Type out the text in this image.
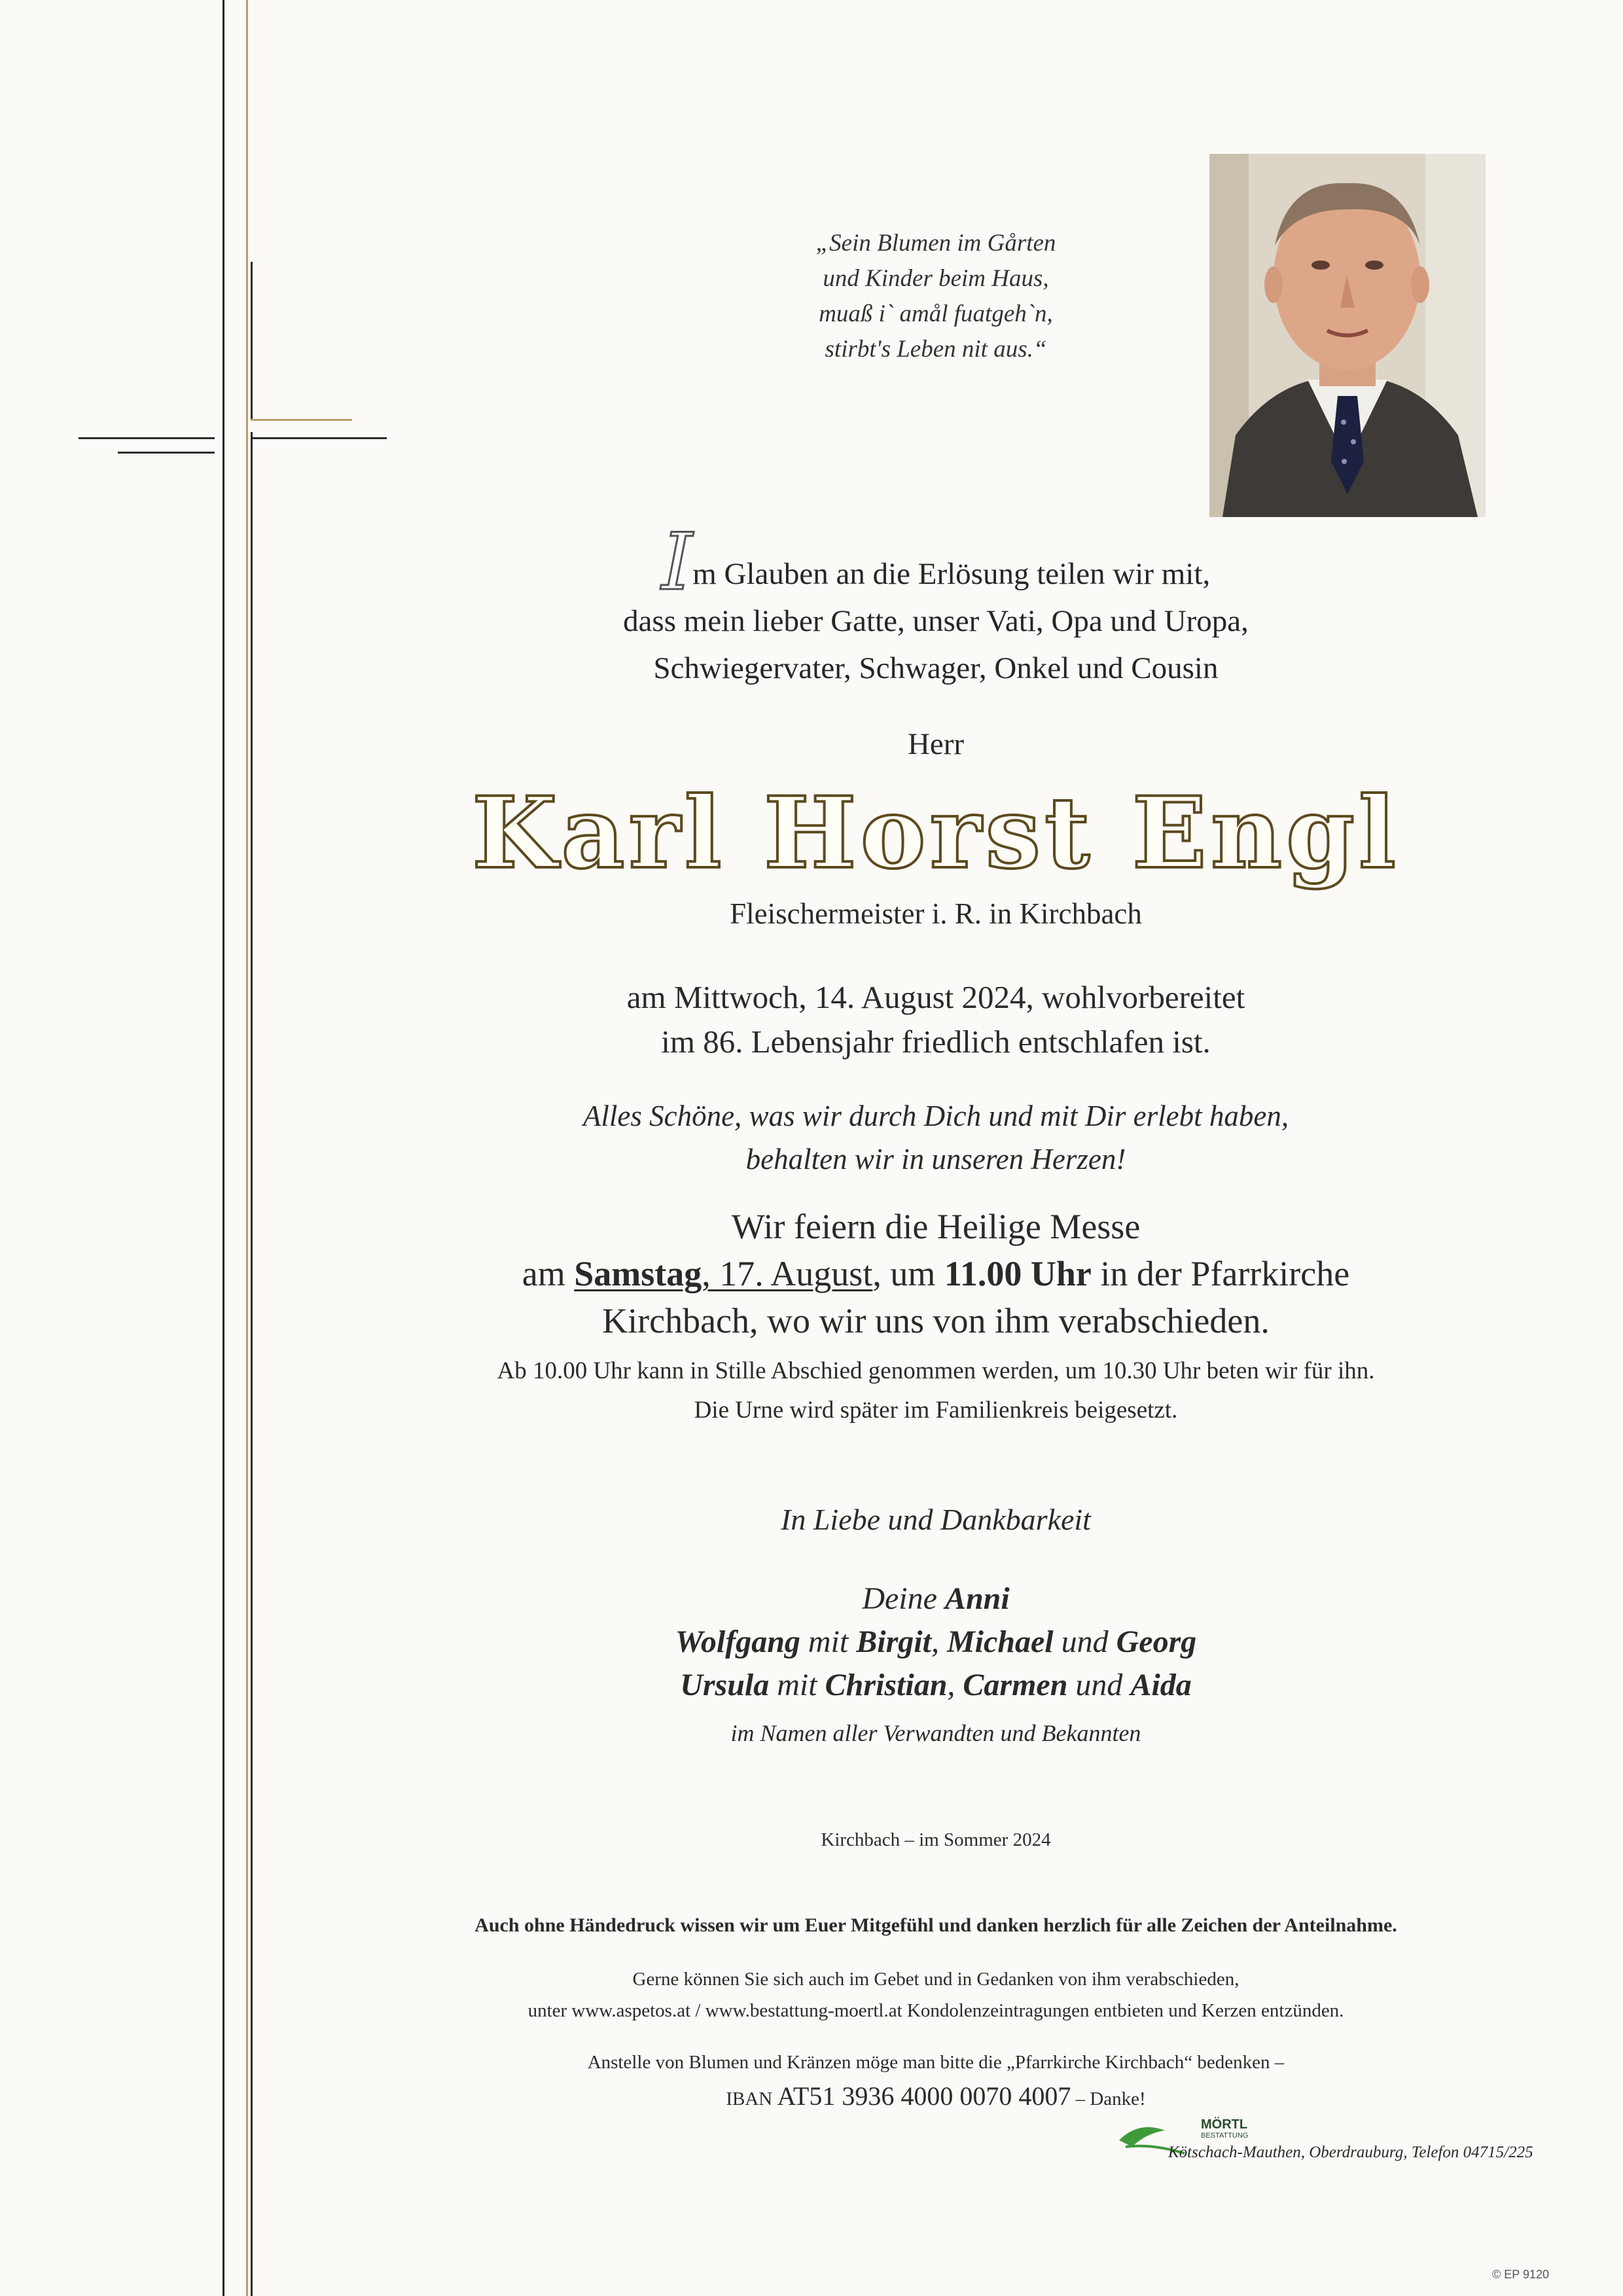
„Sein Blumen im Gårten
und Kinder beim Haus,
muaß i` amål fuatgeh`n,
stirbt's Leben nit aus.“
Im Glauben an die Erlösung teilen wir mit,
dass mein lieber Gatte, unser Vati, Opa und Uropa,
Schwiegervater, Schwager, Onkel und Cousin
Herr
Karl Horst Engl
Fleischermeister i. R. in Kirchbach
am Mittwoch, 14. August 2024, wohlvorbereitet
im 86. Lebensjahr friedlich entschlafen ist.
Alles Schöne, was wir durch Dich und mit Dir erlebt haben,
behalten wir in unseren Herzen!
Wir feiern die Heilige Messe
am Samstag, 17. August, um 11.00 Uhr in der Pfarrkirche
Kirchbach, wo wir uns von ihm verabschieden.
Ab 10.00 Uhr kann in Stille Abschied genommen werden, um 10.30 Uhr beten wir für ihn.
Die Urne wird später im Familienkreis beigesetzt.
In Liebe und Dankbarkeit
Deine Anni
Wolfgang mit Birgit, Michael und Georg
Ursula mit Christian, Carmen und Aida
im Namen aller Verwandten und Bekannten
Kirchbach – im Sommer 2024
Auch ohne Händedruck wissen wir um Euer Mitgefühl und danken herzlich für alle Zeichen der Anteilnahme.
Gerne können Sie sich auch im Gebet und in Gedanken von ihm verabschieden,
unter www.aspetos.at / www.bestattung-moertl.at Kondolenzeintragungen entbieten und Kerzen entzünden.
Anstelle von Blumen und Kränzen möge man bitte die „Pfarrkirche Kirchbach“ bedenken –
IBAN AT51 3936 4000 0070 4007 – Danke!
MÖRTL
BESTATTUNG
Kötschach-Mauthen, Oberdrauburg, Telefon 04715/225
© EP 9120
